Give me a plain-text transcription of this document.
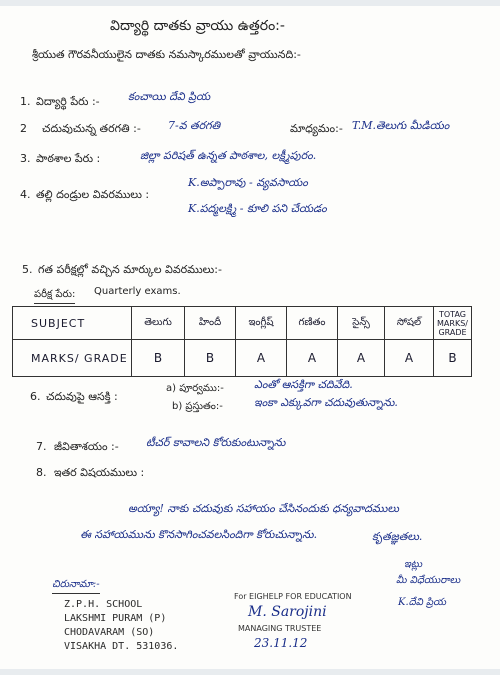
విద్యార్థి దాతకు వ్రాయు ఉత్తరం:-
శ్రీయుత గౌరవనీయులైన దాతకు నమస్కారములతో వ్రాయునది:-
1. విద్యార్థి పేరు :-	కంచాయి దేవి ప్రియ
2 చదువుచున్న తరగతి :- 7-వ తరగతి	మాధ్యమం:- T.M.తెలుగు మీడియం
3. పాఠశాల పేరు :	జిల్లా పరిషత్ ఉన్నత పాఠశాల, లక్ష్మీపురం.
4. తల్లి దండ్రుల వివరములు :
K.అప్పారావు - వ్యవసాయం
K.పద్మలక్ష్మి - కూలి పని చేయడం
5. గత పరీక్షల్లో వచ్చిన మార్కుల వివరములు:-
పరీక్ష పేరు: Quarterly exams.
SUBJECT	తెలుగు	హిందీ	ఇంగ్లీష్	గణితం	సైన్స్	సోషల్	TOTAG MARKS/ GRADE
MARKS/ GRADE	B	B	A	A	A	A	B
6. చదువుపై ఆసక్తి :
a) పూర్వము:-	ఎంతో ఆసక్తిగా చదివేది.
b) ప్రస్తుతం:-	ఇంకా ఎక్కువగా చదువుతున్నాను.
7. జీవితాశయం :- టీచర్ కావాలని కోరుకుంటున్నాను
8. ఇతర విషయములు :
అయ్యా! నాకు చదువుకు సహాయం చేసినందుకు ధన్యవాదములు
ఈ సహాయమును కొనసాగించవలసిందిగా కోరుచున్నాను.	కృతజ్ఞతలు.
ఇట్లు
మీ విధేయురాలు
K.దేవి ప్రియ
చిరునామా:-
Z.P.H. SCHOOL
LAKSHMI PURAM (P)
CHODAVARAM (SO)
VISAKHA DT. 531036.
For EIGHELP FOR EDUCATION
M. Sarojini
MANAGING TRUSTEE
23.11.12
